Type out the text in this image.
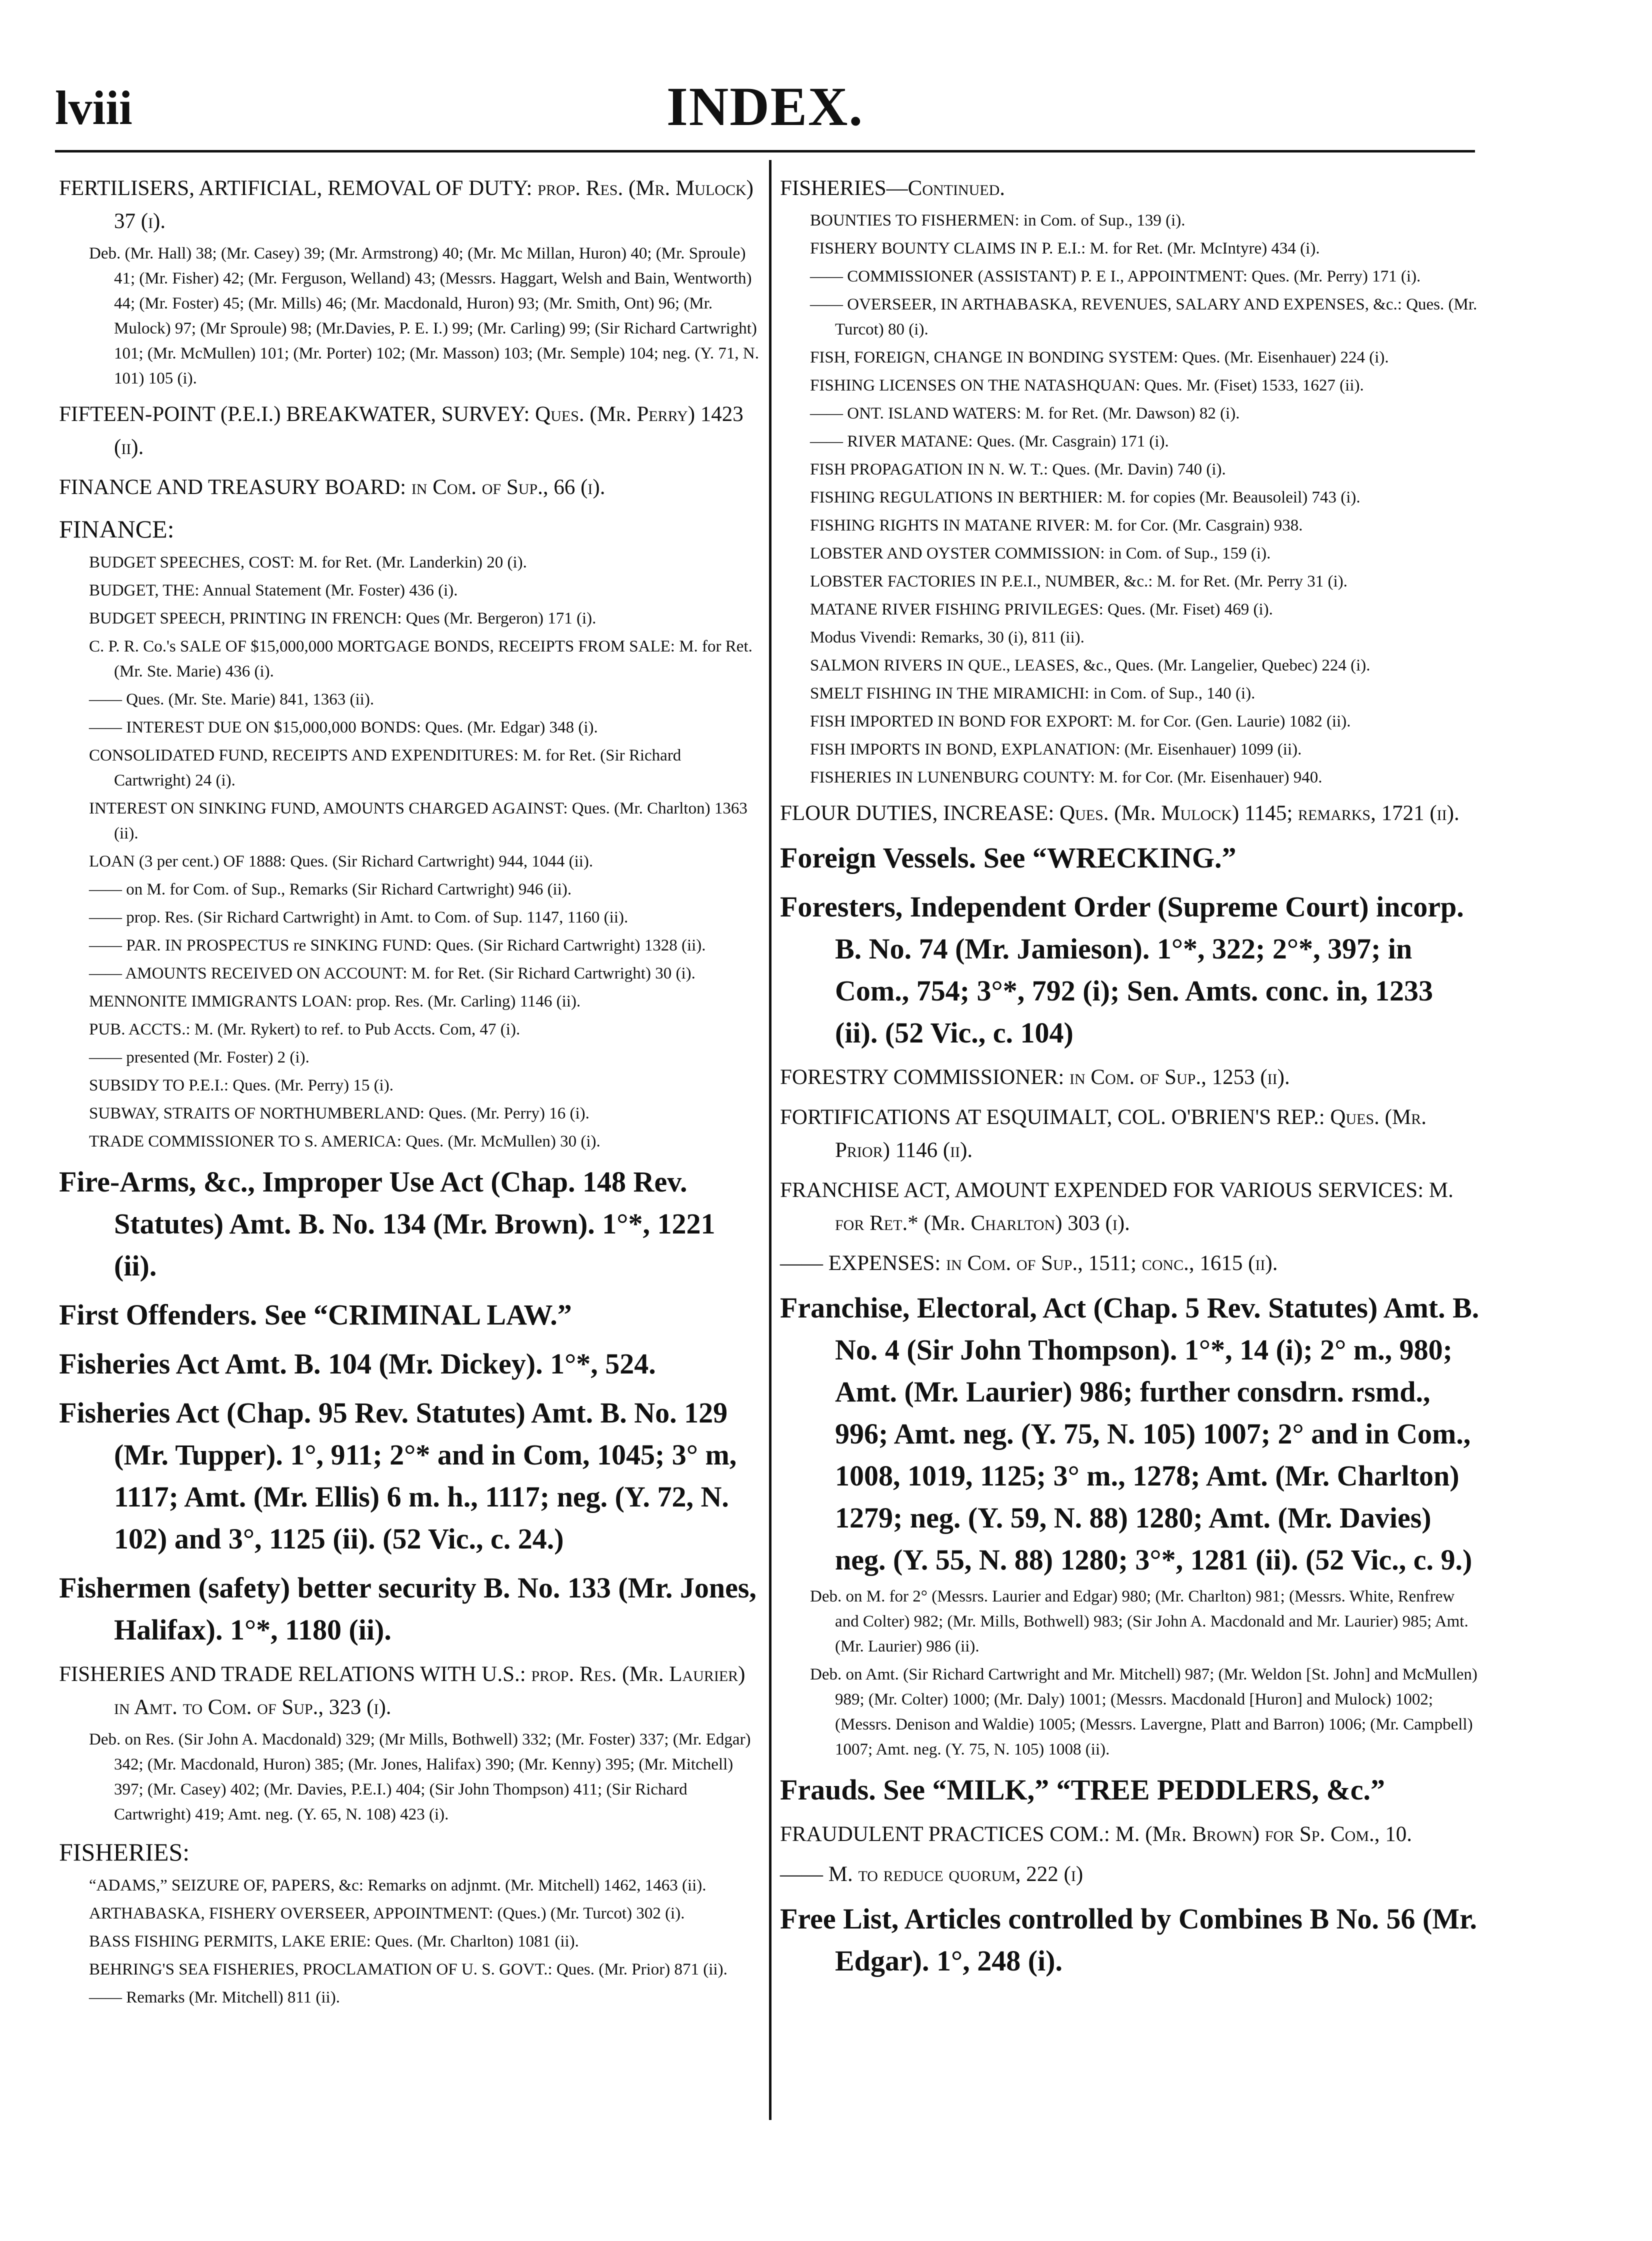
lviii	INDEX.

FERTILISERS, ARTIFICIAL, REMOVAL OF DUTY: prop. Res. (Mr. Mulock) 37 (i).

Deb. (Mr. Hall) 38; (Mr. Casey) 39; (Mr. Armstrong) 40; (Mr. Mc Millan, Huron) 40; (Mr. Sproule) 41; (Mr. Fisher) 42; (Mr. Ferguson, Welland) 43; (Messrs. Haggart, Welsh and Bain, Wentworth) 44; (Mr. Foster) 45; (Mr. Mills) 46; (Mr. Macdonald, Huron) 93; (Mr. Smith, Ont) 96; (Mr. Mulock) 97; (Mr Sproule) 98; (Mr.Davies, P. E. I.) 99; (Mr. Carling) 99; (Sir Richard Cartwright) 101; (Mr. McMullen) 101; (Mr. Porter) 102; (Mr. Masson) 103; (Mr. Semple) 104; neg. (Y. 71, N. 101) 105 (i).

FIFTEEN-POINT (P.E.I.) BREAKWATER, SURVEY: Ques. (Mr. Perry) 1423 (ii).

FINANCE AND TREASURY BOARD: in Com. of Sup., 66 (i).

FINANCE:

BUDGET SPEECHES, COST: M. for Ret. (Mr. Landerkin) 20 (i).

BUDGET, THE: Annual Statement (Mr. Foster) 436 (i).

BUDGET SPEECH, PRINTING IN FRENCH: Ques (Mr. Bergeron) 171 (i).

C. P. R. Co.'s SALE OF $15,000,000 MORTGAGE BONDS, RECEIPTS FROM SALE: M. for Ret. (Mr. Ste. Marie) 436 (i).

—— Ques. (Mr. Ste. Marie) 841, 1363 (ii).

—— INTEREST DUE ON $15,000,000 BONDS: Ques. (Mr. Edgar) 348 (i).

CONSOLIDATED FUND, RECEIPTS AND EXPENDITURES: M. for Ret. (Sir Richard Cartwright) 24 (i).

INTEREST ON SINKING FUND, AMOUNTS CHARGED AGAINST: Ques. (Mr. Charlton) 1363 (ii).

LOAN (3 per cent.) OF 1888: Ques. (Sir Richard Cartwright) 944, 1044 (ii).

—— on M. for Com. of Sup., Remarks (Sir Richard Cartwright) 946 (ii).

—— prop. Res. (Sir Richard Cartwright) in Amt. to Com. of Sup. 1147, 1160 (ii).

—— PAR. IN PROSPECTUS re SINKING FUND: Ques. (Sir Richard Cartwright) 1328 (ii).

—— AMOUNTS RECEIVED ON ACCOUNT: M. for Ret. (Sir Richard Cartwright) 30 (i).

MENNONITE IMMIGRANTS LOAN: prop. Res. (Mr. Carling) 1146 (ii).

PUB. ACCTS.: M. (Mr. Rykert) to ref. to Pub Accts. Com, 47 (i).

—— presented (Mr. Foster) 2 (i).

SUBSIDY TO P.E.I.: Ques. (Mr. Perry) 15 (i).

SUBWAY, STRAITS OF NORTHUMBERLAND: Ques. (Mr. Perry) 16 (i).

TRADE COMMISSIONER TO S. AMERICA: Ques. (Mr. McMullen) 30 (i).

Fire-Arms, &c., Improper Use Act (Chap. 148 Rev. Statutes) Amt. B. No. 134 (Mr. Brown). 1°*, 1221 (ii).

First Offenders. See “CRIMINAL LAW.”

Fisheries Act Amt. B. 104 (Mr. Dickey). 1°*, 524.

Fisheries Act (Chap. 95 Rev. Statutes) Amt. B. No. 129 (Mr. Tupper). 1°, 911; 2°* and in Com, 1045; 3° m, 1117; Amt. (Mr. Ellis) 6 m. h., 1117; neg. (Y. 72, N. 102) and 3°, 1125 (ii). (52 Vic., c. 24.)

Fishermen (safety) better security B. No. 133 (Mr. Jones, Halifax). 1°*, 1180 (ii).

FISHERIES AND TRADE RELATIONS WITH U.S.: prop. Res. (Mr. Laurier) in Amt. to Com. of Sup., 323 (i).

Deb. on Res. (Sir John A. Macdonald) 329; (Mr Mills, Bothwell) 332; (Mr. Foster) 337; (Mr. Edgar) 342; (Mr. Macdonald, Huron) 385; (Mr. Jones, Halifax) 390; (Mr. Kenny) 395; (Mr. Mitchell) 397; (Mr. Casey) 402; (Mr. Davies, P.E.I.) 404; (Sir John Thompson) 411; (Sir Richard Cartwright) 419; Amt. neg. (Y. 65, N. 108) 423 (i).

FISHERIES:

“ADAMS,” SEIZURE OF, PAPERS, &c: Remarks on adjnmt. (Mr. Mitchell) 1462, 1463 (ii).

ARTHABASKA, FISHERY OVERSEER, APPOINTMENT: (Ques.) (Mr. Turcot) 302 (i).

BASS FISHING PERMITS, LAKE ERIE: Ques. (Mr. Charlton) 1081 (ii).

BEHRING'S SEA FISHERIES, PROCLAMATION OF U. S. GOVT.: Ques. (Mr. Prior) 871 (ii).

—— Remarks (Mr. Mitchell) 811 (ii).

FISHERIES—Continued.

BOUNTIES TO FISHERMEN: in Com. of Sup., 139 (i).

FISHERY BOUNTY CLAIMS IN P. E.I.: M. for Ret. (Mr. McIntyre) 434 (i).

—— COMMISSIONER (ASSISTANT) P. E I., APPOINTMENT: Ques. (Mr. Perry) 171 (i).

—— OVERSEER, IN ARTHABASKA, REVENUES, SALARY AND EXPENSES, &c.: Ques. (Mr. Turcot) 80 (i).

FISH, FOREIGN, CHANGE IN BONDING SYSTEM: Ques. (Mr. Eisenhauer) 224 (i).

FISHING LICENSES ON THE NATASHQUAN: Ques. Mr. (Fiset) 1533, 1627 (ii).

—— ONT. ISLAND WATERS: M. for Ret. (Mr. Dawson) 82 (i).

—— RIVER MATANE: Ques. (Mr. Casgrain) 171 (i).

FISH PROPAGATION IN N. W. T.: Ques. (Mr. Davin) 740 (i).

FISHING REGULATIONS IN BERTHIER: M. for copies (Mr. Beausoleil) 743 (i).

FISHING RIGHTS IN MATANE RIVER: M. for Cor. (Mr. Casgrain) 938.

LOBSTER AND OYSTER COMMISSION: in Com. of Sup., 159 (i).

LOBSTER FACTORIES IN P.E.I., NUMBER, &c.: M. for Ret. (Mr. Perry 31 (i).

MATANE RIVER FISHING PRIVILEGES: Ques. (Mr. Fiset) 469 (i).

Modus Vivendi: Remarks, 30 (i), 811 (ii).

SALMON RIVERS IN QUE., LEASES, &c., Ques. (Mr. Langelier, Quebec) 224 (i).

SMELT FISHING IN THE MIRAMICHI: in Com. of Sup., 140 (i).

FISH IMPORTED IN BOND FOR EXPORT: M. for Cor. (Gen. Laurie) 1082 (ii).

FISH IMPORTS IN BOND, EXPLANATION: (Mr. Eisenhauer) 1099 (ii).

FISHERIES IN LUNENBURG COUNTY: M. for Cor. (Mr. Eisenhauer) 940.

FLOUR DUTIES, INCREASE: Ques. (Mr. Mulock) 1145; remarks, 1721 (ii).

Foreign Vessels. See “WRECKING.”

Foresters, Independent Order (Supreme Court) incorp. B. No. 74 (Mr. Jamieson). 1°*, 322; 2°*, 397; in Com., 754; 3°*, 792 (i); Sen. Amts. conc. in, 1233 (ii). (52 Vic., c. 104)

FORESTRY COMMISSIONER: in Com. of Sup., 1253 (ii).

FORTIFICATIONS AT ESQUIMALT, COL. O'BRIEN'S REP.: Ques. (Mr. Prior) 1146 (ii).

FRANCHISE ACT, AMOUNT EXPENDED FOR VARIOUS SERVICES: M. for Ret.* (Mr. Charlton) 303 (i).

—— EXPENSES: in Com. of Sup., 1511; conc., 1615 (ii).

Franchise, Electoral, Act (Chap. 5 Rev. Statutes) Amt. B. No. 4 (Sir John Thompson). 1°*, 14 (i); 2° m., 980; Amt. (Mr. Laurier) 986; further consdrn. rsmd., 996; Amt. neg. (Y. 75, N. 105) 1007; 2° and in Com., 1008, 1019, 1125; 3° m., 1278; Amt. (Mr. Charlton) 1279; neg. (Y. 59, N. 88) 1280; Amt. (Mr. Davies) neg. (Y. 55, N. 88) 1280; 3°*, 1281 (ii). (52 Vic., c. 9.)

Deb. on M. for 2° (Messrs. Laurier and Edgar) 980; (Mr. Charlton) 981; (Messrs. White, Renfrew and Colter) 982; (Mr. Mills, Bothwell) 983; (Sir John A. Macdonald and Mr. Laurier) 985; Amt. (Mr. Laurier) 986 (ii).

Deb. on Amt. (Sir Richard Cartwright and Mr. Mitchell) 987; (Mr. Weldon [St. John] and McMullen) 989; (Mr. Colter) 1000; (Mr. Daly) 1001; (Messrs. Macdonald [Huron] and Mulock) 1002; (Messrs. Denison and Waldie) 1005; (Messrs. Lavergne, Platt and Barron) 1006; (Mr. Campbell) 1007; Amt. neg. (Y. 75, N. 105) 1008 (ii).

Frauds. See “MILK,” “TREE PEDDLERS, &c.”

FRAUDULENT PRACTICES COM.: M. (Mr. Brown) for Sp. Com., 10.

—— M. to reduce quorum, 222 (i)

Free List, Articles controlled by Combines B No. 56 (Mr. Edgar). 1°, 248 (i).
